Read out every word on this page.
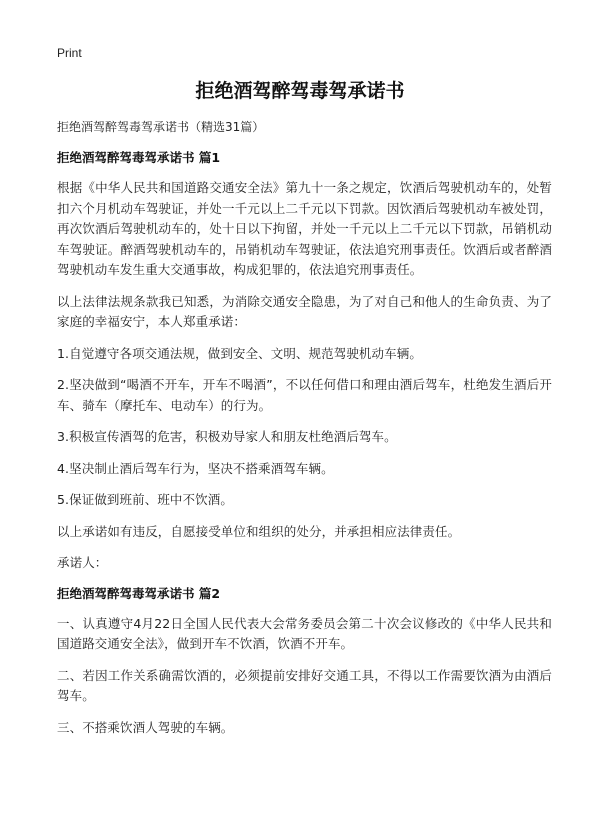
Print
拒绝酒驾醉驾毒驾承诺书

拒绝酒驾醉驾毒驾承诺书（精选31篇）

拒绝酒驾醉驾毒驾承诺书 篇1

根据《中华人民共和国道路交通安全法》第九十一条之规定，饮酒后驾驶机动车的，处暂扣六个月机动车驾驶证，并处一千元以上二千元以下罚款。因饮酒后驾驶机动车被处罚，再次饮酒后驾驶机动车的，处十日以下拘留，并处一千元以上二千元以下罚款，吊销机动车驾驶证。醉酒驾驶机动车的，吊销机动车驾驶证，依法追究刑事责任。饮酒后或者醉酒驾驶机动车发生重大交通事故，构成犯罪的，依法追究刑事责任。

以上法律法规条款我已知悉，为消除交通安全隐患，为了对自己和他人的生命负责、为了家庭的幸福安宁，本人郑重承诺：

1.自觉遵守各项交通法规，做到安全、文明、规范驾驶机动车辆。

2.坚决做到“喝酒不开车，开车不喝酒”，不以任何借口和理由酒后驾车，杜绝发生酒后开车、骑车（摩托车、电动车）的行为。

3.积极宣传酒驾的危害，积极劝导家人和朋友杜绝酒后驾车。

4.坚决制止酒后驾车行为，坚决不搭乘酒驾车辆。

5.保证做到班前、班中不饮酒。

以上承诺如有违反，自愿接受单位和组织的处分，并承担相应法律责任。

承诺人：

拒绝酒驾醉驾毒驾承诺书 篇2

一、认真遵守4月22日全国人民代表大会常务委员会第二十次会议修改的《中华人民共和国道路交通安全法》，做到开车不饮酒，饮酒不开车。

二、若因工作关系确需饮酒的，必须提前安排好交通工具，不得以工作需要饮酒为由酒后驾车。

三、不搭乘饮酒人驾驶的车辆。
